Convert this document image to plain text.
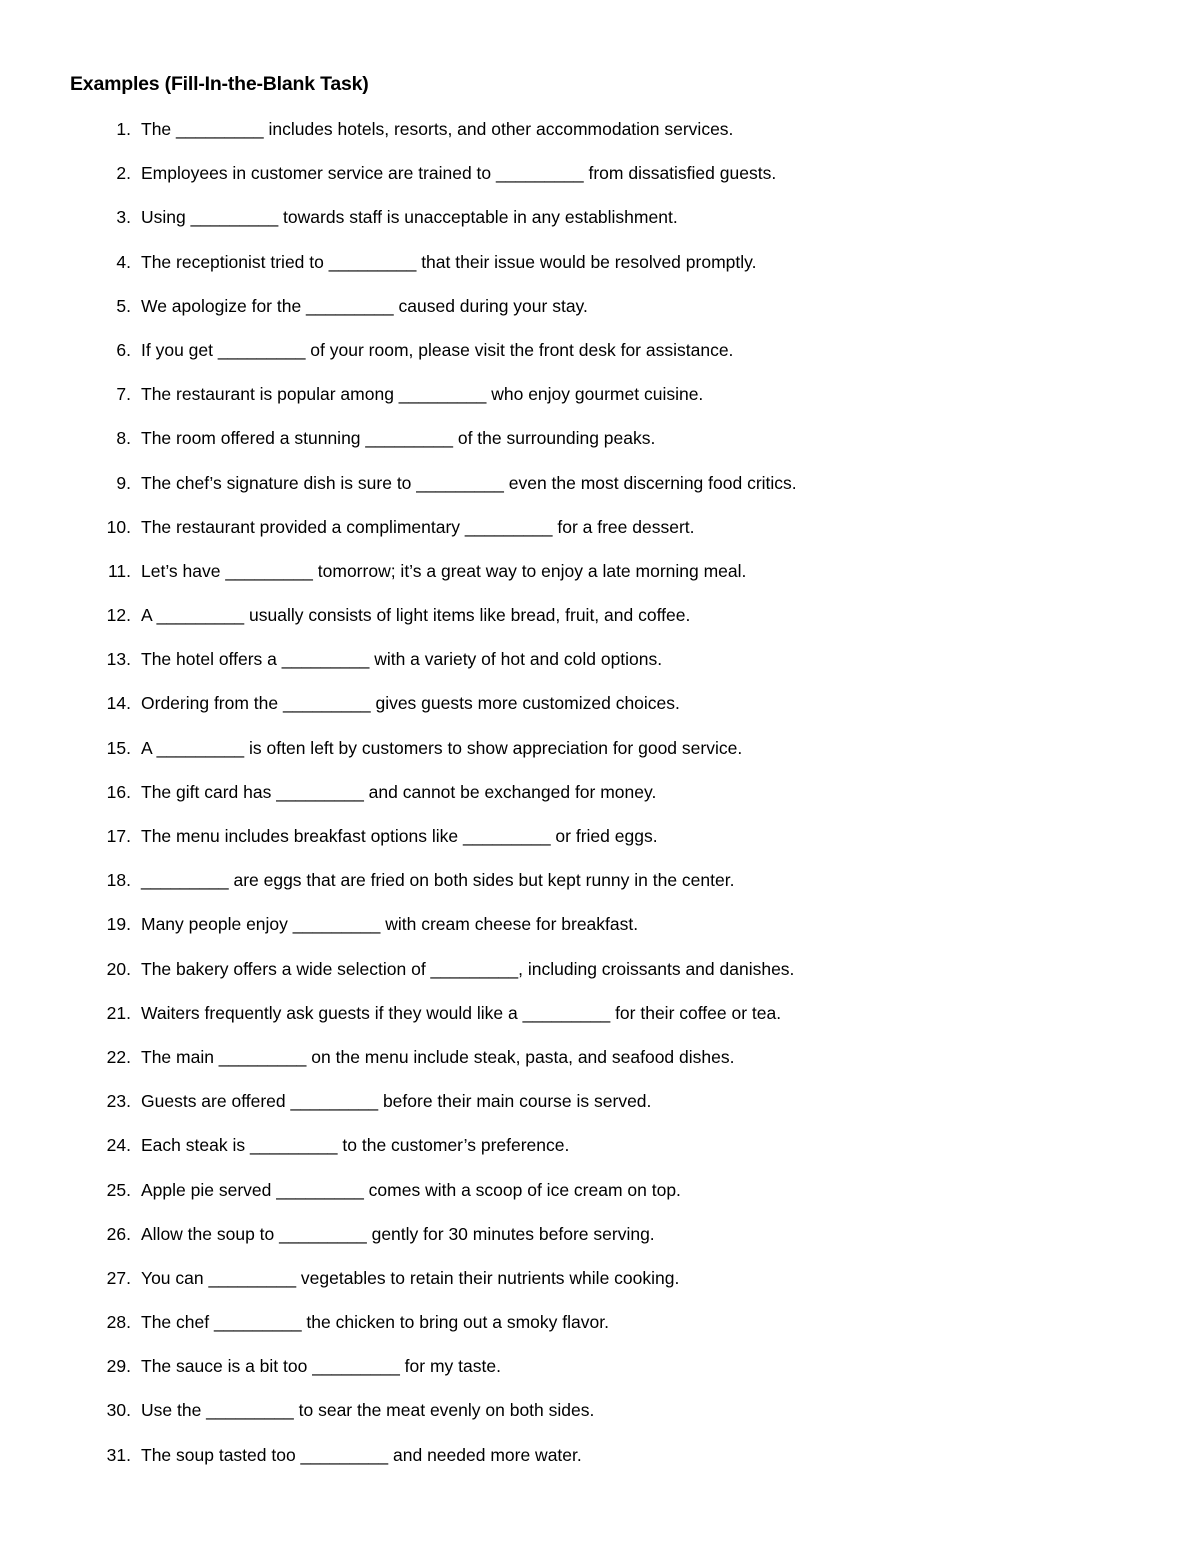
Examples (Fill-In-the-Blank Task)
1. The _________ includes hotels, resorts, and other accommodation services.
2. Employees in customer service are trained to _________ from dissatisfied guests.
3. Using _________ towards staff is unacceptable in any establishment.
4. The receptionist tried to _________ that their issue would be resolved promptly.
5. We apologize for the _________ caused during your stay.
6. If you get _________ of your room, please visit the front desk for assistance.
7. The restaurant is popular among _________ who enjoy gourmet cuisine.
8. The room offered a stunning _________ of the surrounding peaks.
9. The chef’s signature dish is sure to _________ even the most discerning food critics.
10. The restaurant provided a complimentary _________ for a free dessert.
11. Let’s have _________ tomorrow; it’s a great way to enjoy a late morning meal.
12. A _________ usually consists of light items like bread, fruit, and coffee.
13. The hotel offers a _________ with a variety of hot and cold options.
14. Ordering from the _________ gives guests more customized choices.
15. A _________ is often left by customers to show appreciation for good service.
16. The gift card has _________ and cannot be exchanged for money.
17. The menu includes breakfast options like _________ or fried eggs.
18. _________ are eggs that are fried on both sides but kept runny in the center.
19. Many people enjoy _________ with cream cheese for breakfast.
20. The bakery offers a wide selection of _________, including croissants and danishes.
21. Waiters frequently ask guests if they would like a _________ for their coffee or tea.
22. The main _________ on the menu include steak, pasta, and seafood dishes.
23. Guests are offered _________ before their main course is served.
24. Each steak is _________ to the customer’s preference.
25. Apple pie served _________ comes with a scoop of ice cream on top.
26. Allow the soup to _________ gently for 30 minutes before serving.
27. You can _________ vegetables to retain their nutrients while cooking.
28. The chef _________ the chicken to bring out a smoky flavor.
29. The sauce is a bit too _________ for my taste.
30. Use the _________ to sear the meat evenly on both sides.
31. The soup tasted too _________ and needed more water.
